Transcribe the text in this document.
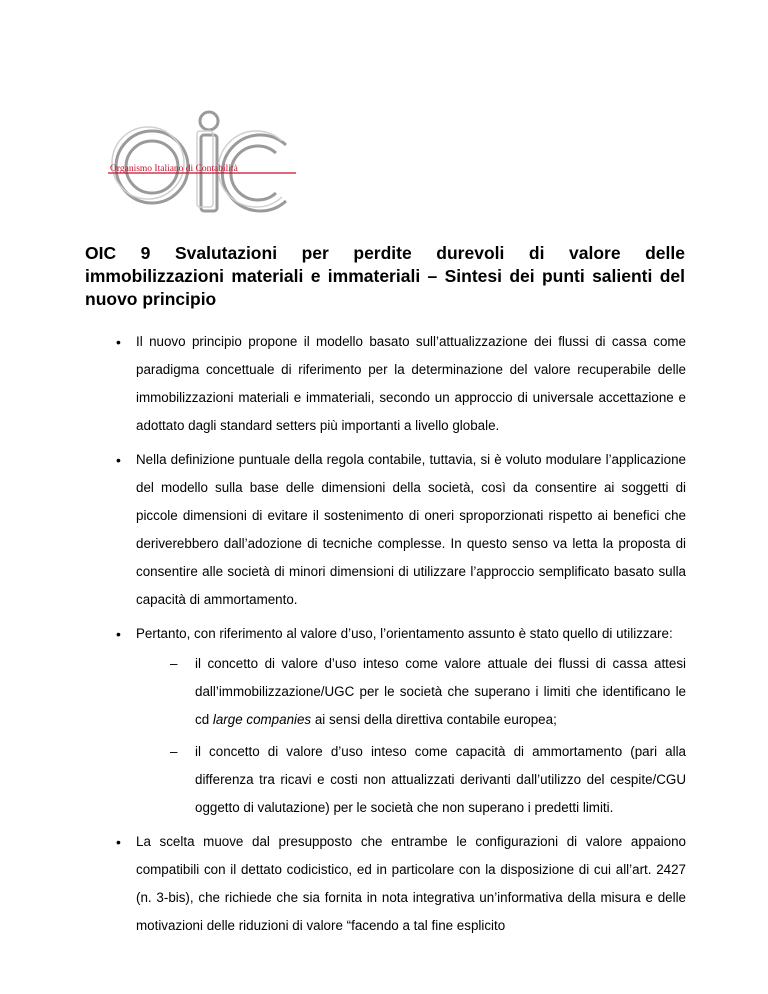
Organismo Italiano di Contabilità
OIC 9 Svalutazioni per perdite durevoli di valore delle
immobilizzazioni materiali e immateriali – Sintesi dei punti salienti del nuovo principio
• Il nuovo principio propone il modello basato sull’attualizzazione dei flussi di cassa come paradigma concettuale di riferimento per la determinazione del valore recuperabile delle immobilizzazioni materiali e immateriali, secondo un approccio di universale accettazione e adottato dagli standard setters più importanti a livello globale.
• Nella definizione puntuale della regola contabile, tuttavia, si è voluto modulare l’applicazione del modello sulla base delle dimensioni della società, così da consentire ai soggetti di piccole dimensioni di evitare il sostenimento di oneri sproporzionati rispetto ai benefici che deriverebbero dall’adozione di tecniche complesse. In questo senso va letta la proposta di consentire alle società di minori dimensioni di utilizzare l’approccio semplificato basato sulla capacità di ammortamento.
• Pertanto, con riferimento al valore d’uso, l’orientamento assunto è stato quello di utilizzare:
– il concetto di valore d’uso inteso come valore attuale dei flussi di cassa attesi dall’immobilizzazione/UGC per le società che superano i limiti che identificano le cd large companies ai sensi della direttiva contabile europea;
– il concetto di valore d’uso inteso come capacità di ammortamento (pari alla differenza tra ricavi e costi non attualizzati derivanti dall’utilizzo del cespite/CGU oggetto di valutazione) per le società che non superano i predetti limiti.
• La scelta muove dal presupposto che entrambe le configurazioni di valore appaiono compatibili con il dettato codicistico, ed in particolare con la disposizione di cui all’art. 2427 (n. 3-bis), che richiede che sia fornita in nota integrativa un’informativa della misura e delle motivazioni delle riduzioni di valore “facendo a tal fine esplicito
